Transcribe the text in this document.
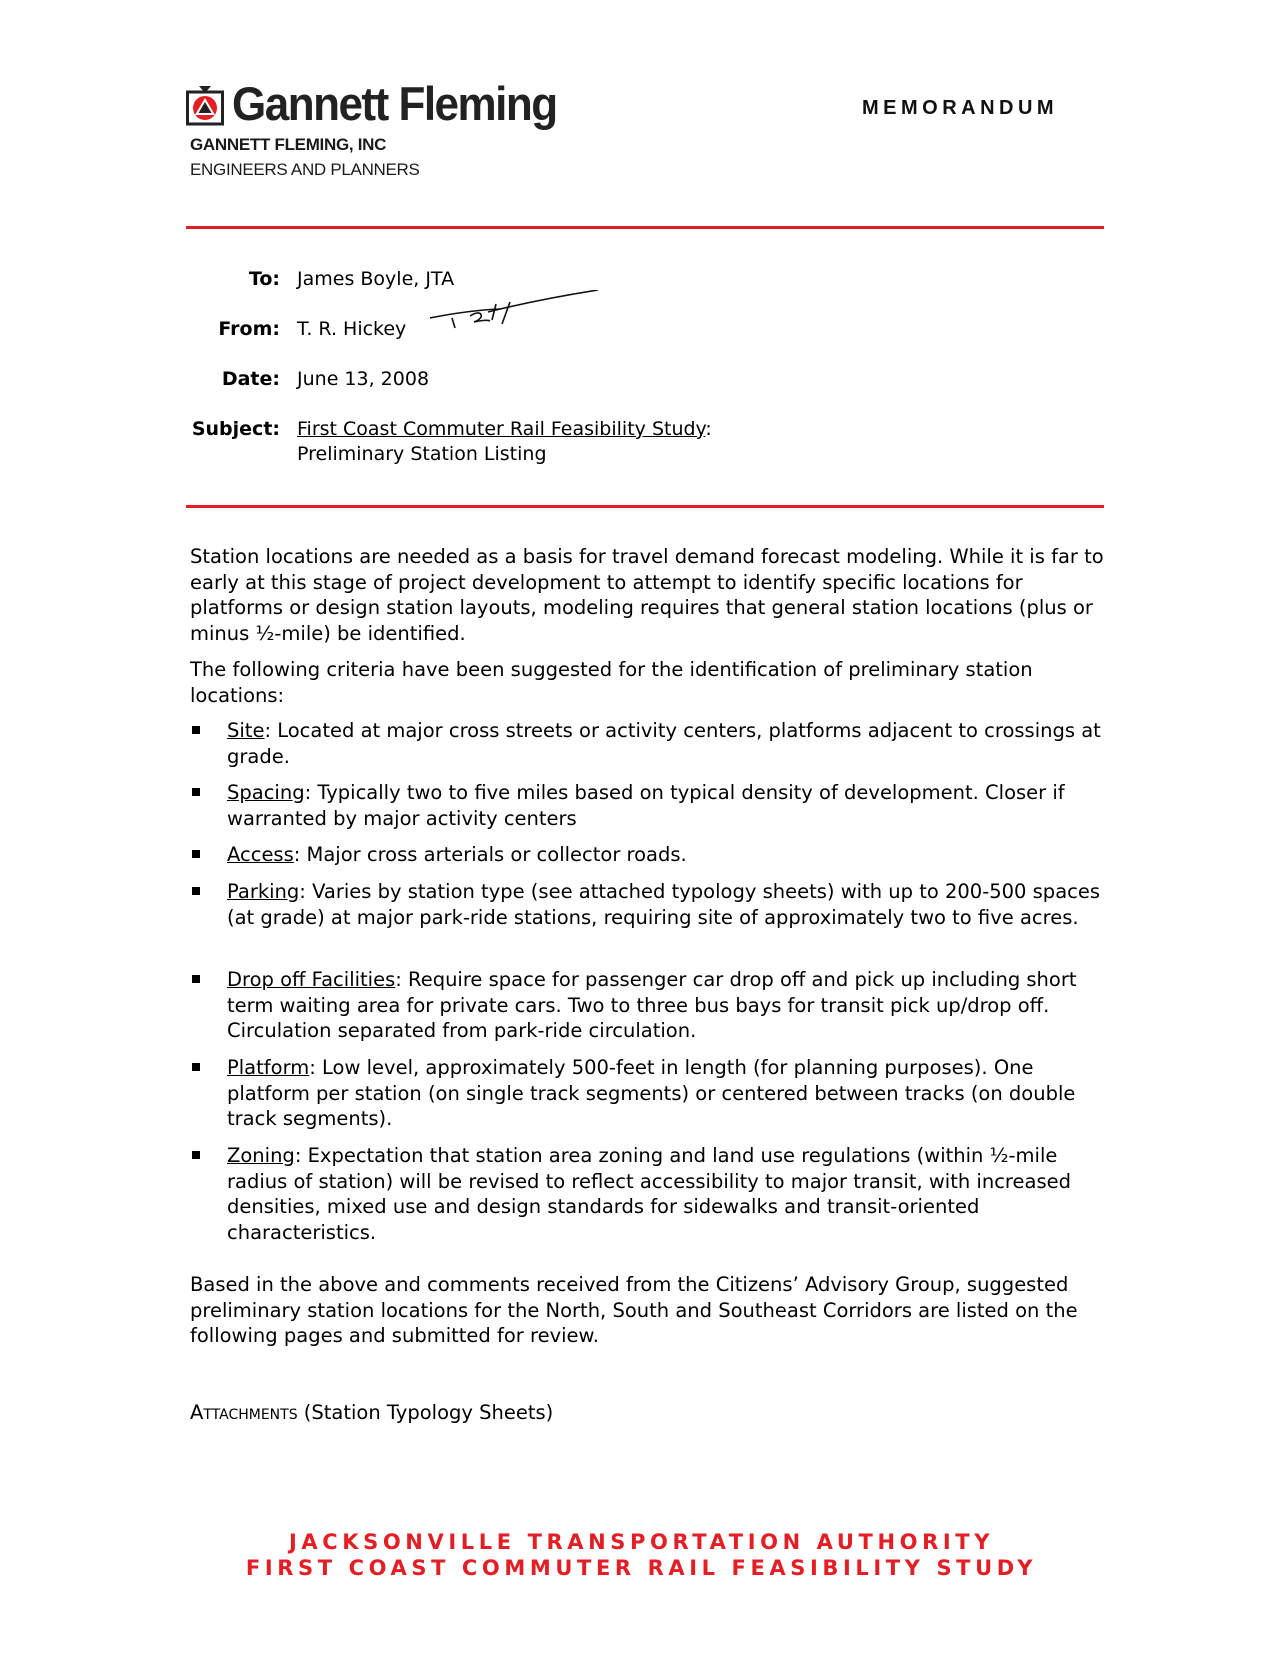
Gannett Fleming
GANNETT FLEMING, INC
ENGINEERS AND PLANNERS
MEMORANDUM
To: James Boyle, JTA
From: T. R. Hickey
Date: June 13, 2008
Subject: First Coast Commuter Rail Feasibility Study:
Preliminary Station Listing
Station locations are needed as a basis for travel demand forecast modeling. While it is far to early at this stage of project development to attempt to identify specific locations for platforms or design station layouts, modeling requires that general station locations (plus or minus ½-mile) be identified.
The following criteria have been suggested for the identification of preliminary station locations:
Site: Located at major cross streets or activity centers, platforms adjacent to crossings at grade.
Spacing: Typically two to five miles based on typical density of development. Closer if warranted by major activity centers
Access: Major cross arterials or collector roads.
Parking: Varies by station type (see attached typology sheets) with up to 200-500 spaces (at grade) at major park-ride stations, requiring site of approximately two to five acres.
Drop off Facilities: Require space for passenger car drop off and pick up including short term waiting area for private cars. Two to three bus bays for transit pick up/drop off. Circulation separated from park-ride circulation.
Platform: Low level, approximately 500-feet in length (for planning purposes). One platform per station (on single track segments) or centered between tracks (on double track segments).
Zoning: Expectation that station area zoning and land use regulations (within ½-mile radius of station) will be revised to reflect accessibility to major transit, with increased densities, mixed use and design standards for sidewalks and transit-oriented characteristics.
Based in the above and comments received from the Citizens’ Advisory Group, suggested preliminary station locations for the North, South and Southeast Corridors are listed on the following pages and submitted for review.
Attachments (Station Typology Sheets)
JACKSONVILLE TRANSPORTATION AUTHORITY
FIRST COAST COMMUTER RAIL FEASIBILITY STUDY
